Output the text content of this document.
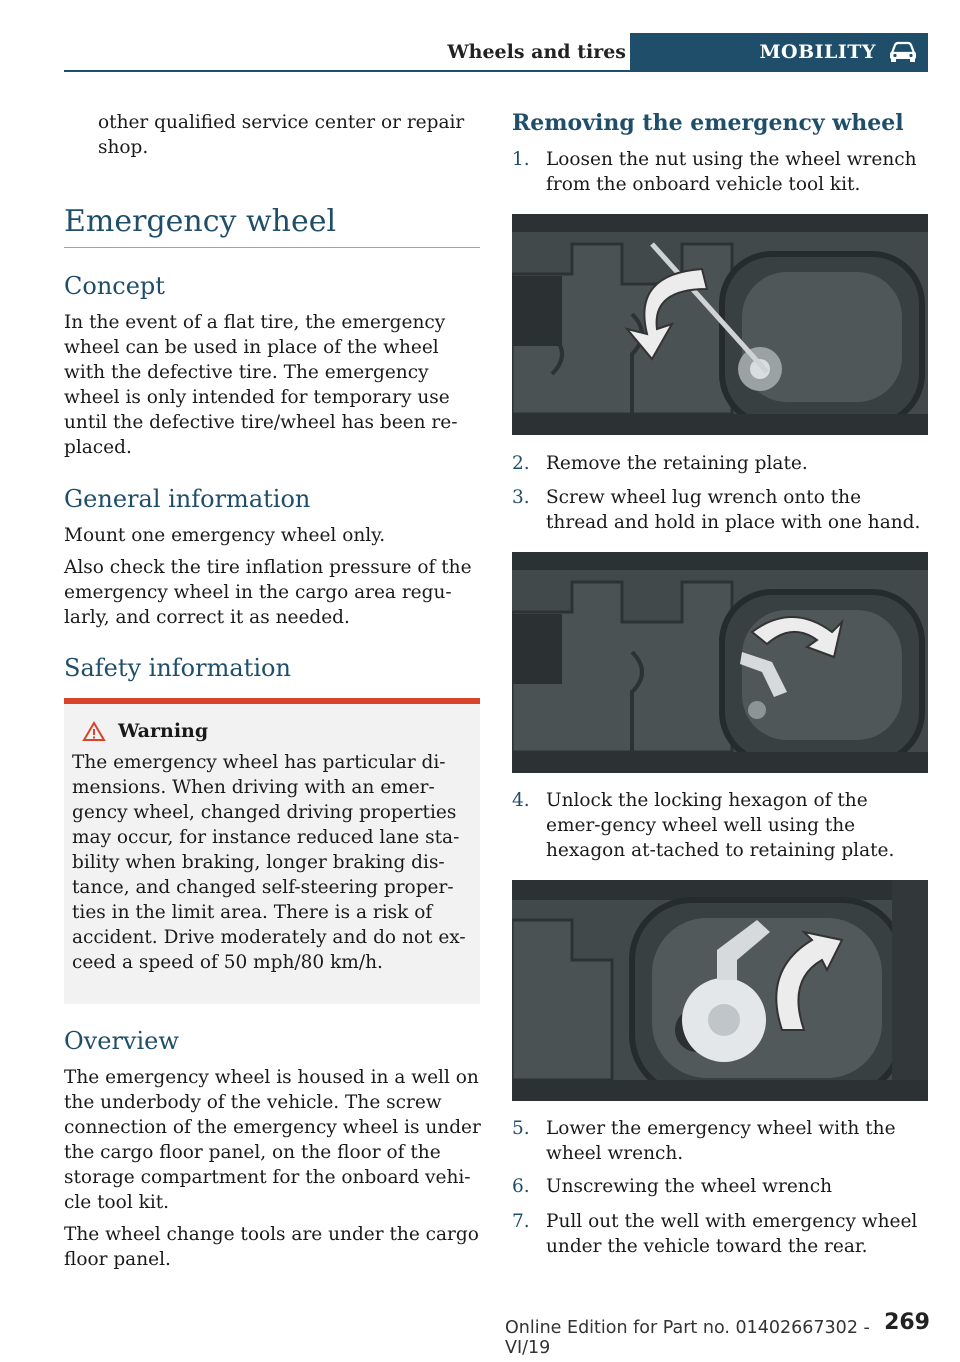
Wheels and tires	MOBILITY

other qualified service center or repair shop.

Emergency wheel
Concept

In the event of a flat tire, the emergency wheel can be used in place of the wheel with the defective tire. The emergency wheel is only intended for temporary use until the defective tire/wheel has been re-placed.

General information

Mount one emergency wheel only.

Also check the tire inflation pressure of the emergency wheel in the cargo area regu-larly, and correct it as needed.

Safety information
Warning

The emergency wheel has particular di-mensions. When driving with an emer-gency wheel, changed driving properties may occur, for instance reduced lane sta-bility when braking, longer braking dis-tance, and changed self-steering proper-ties in the limit area. There is a risk of accident. Drive moderately and do not ex-ceed a speed of 50 mph/80 km/h.

Overview

The emergency wheel is housed in a well on the underbody of the vehicle. The screw connection of the emergency wheel is under the cargo floor panel, on the floor of the storage compartment for the onboard vehi-cle tool kit.

The wheel change tools are under the cargo floor panel.

Removing the emergency wheel
1. Loosen the nut using the wheel wrench from the onboard vehicle tool kit.
2. Remove the retaining plate.
3. Screw wheel lug wrench onto the thread and hold in place with one hand.
4. Unlock the locking hexagon of the emer-gency wheel well using the hexagon at-tached to retaining plate.
5. Lower the emergency wheel with the wheel wrench.
6. Unscrewing the wheel wrench
7. Pull out the well with emergency wheel under the vehicle toward the rear.
269
Online Edition for Part no. 01402667302 - VI/19
